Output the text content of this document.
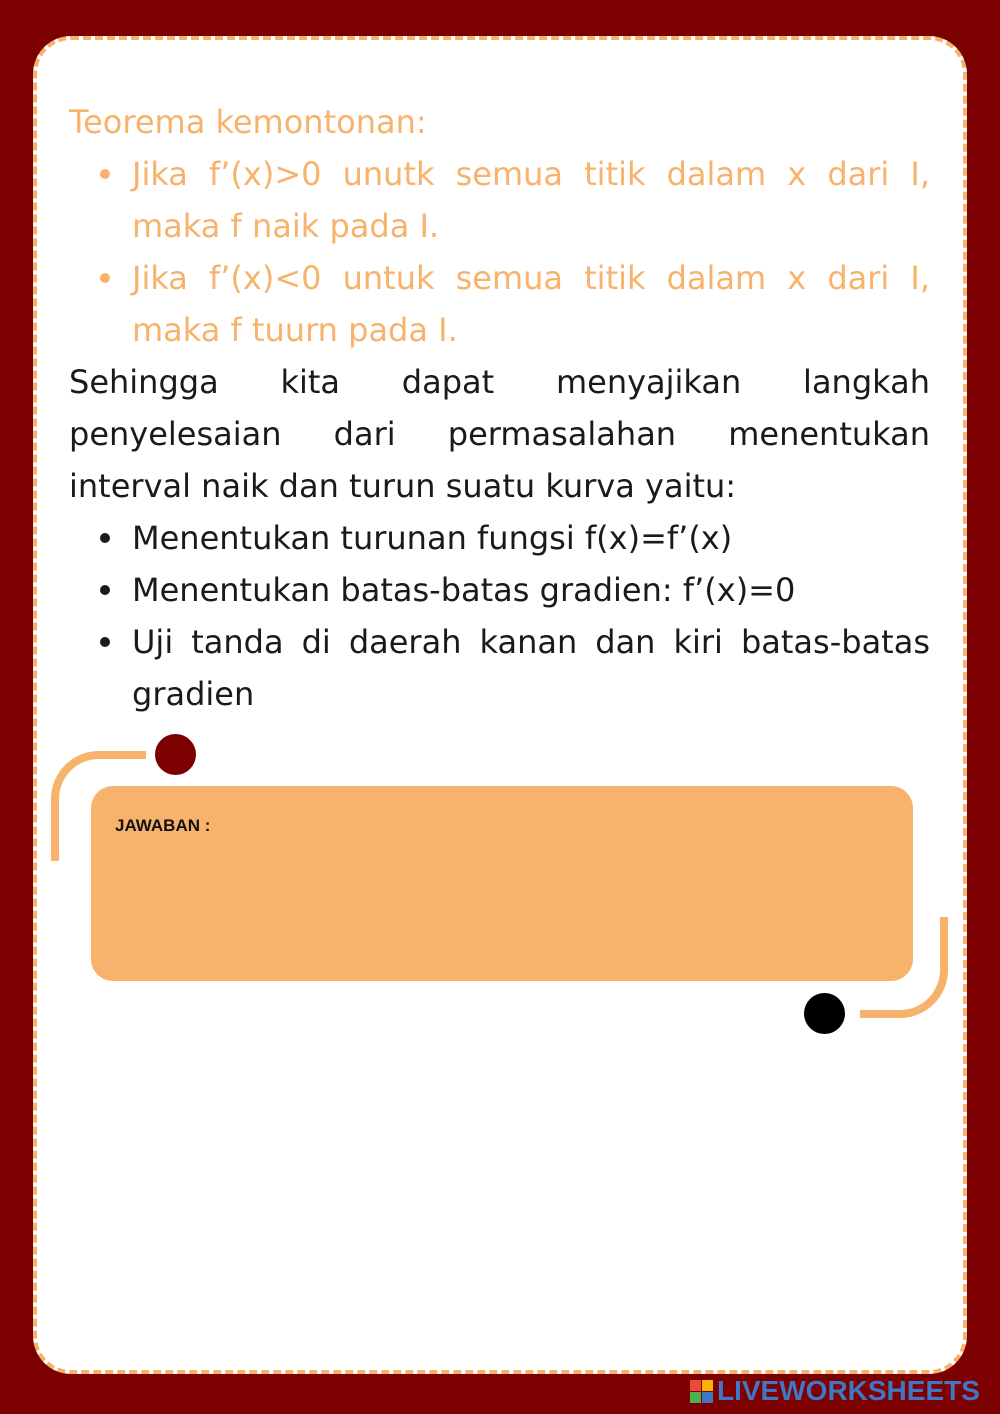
Teorema kemontonan:

Jika f’(x)>0 unutk semua titik dalam x dari I, maka f naik pada I.
Jika f’(x)<0 untuk semua titik dalam x dari I, maka f tuurn pada I.

Sehingga kita dapat menyajikan langkah penyelesaian dari permasalahan menentukan interval naik dan turun suatu kurva yaitu:

Menentukan turunan fungsi f(x)=f’(x)
Menentukan batas-batas gradien: f’(x)=0
Uji tanda di daerah kanan dan kiri batas-batas gradien
JAWABAN :
LIVEWORKSHEETS
